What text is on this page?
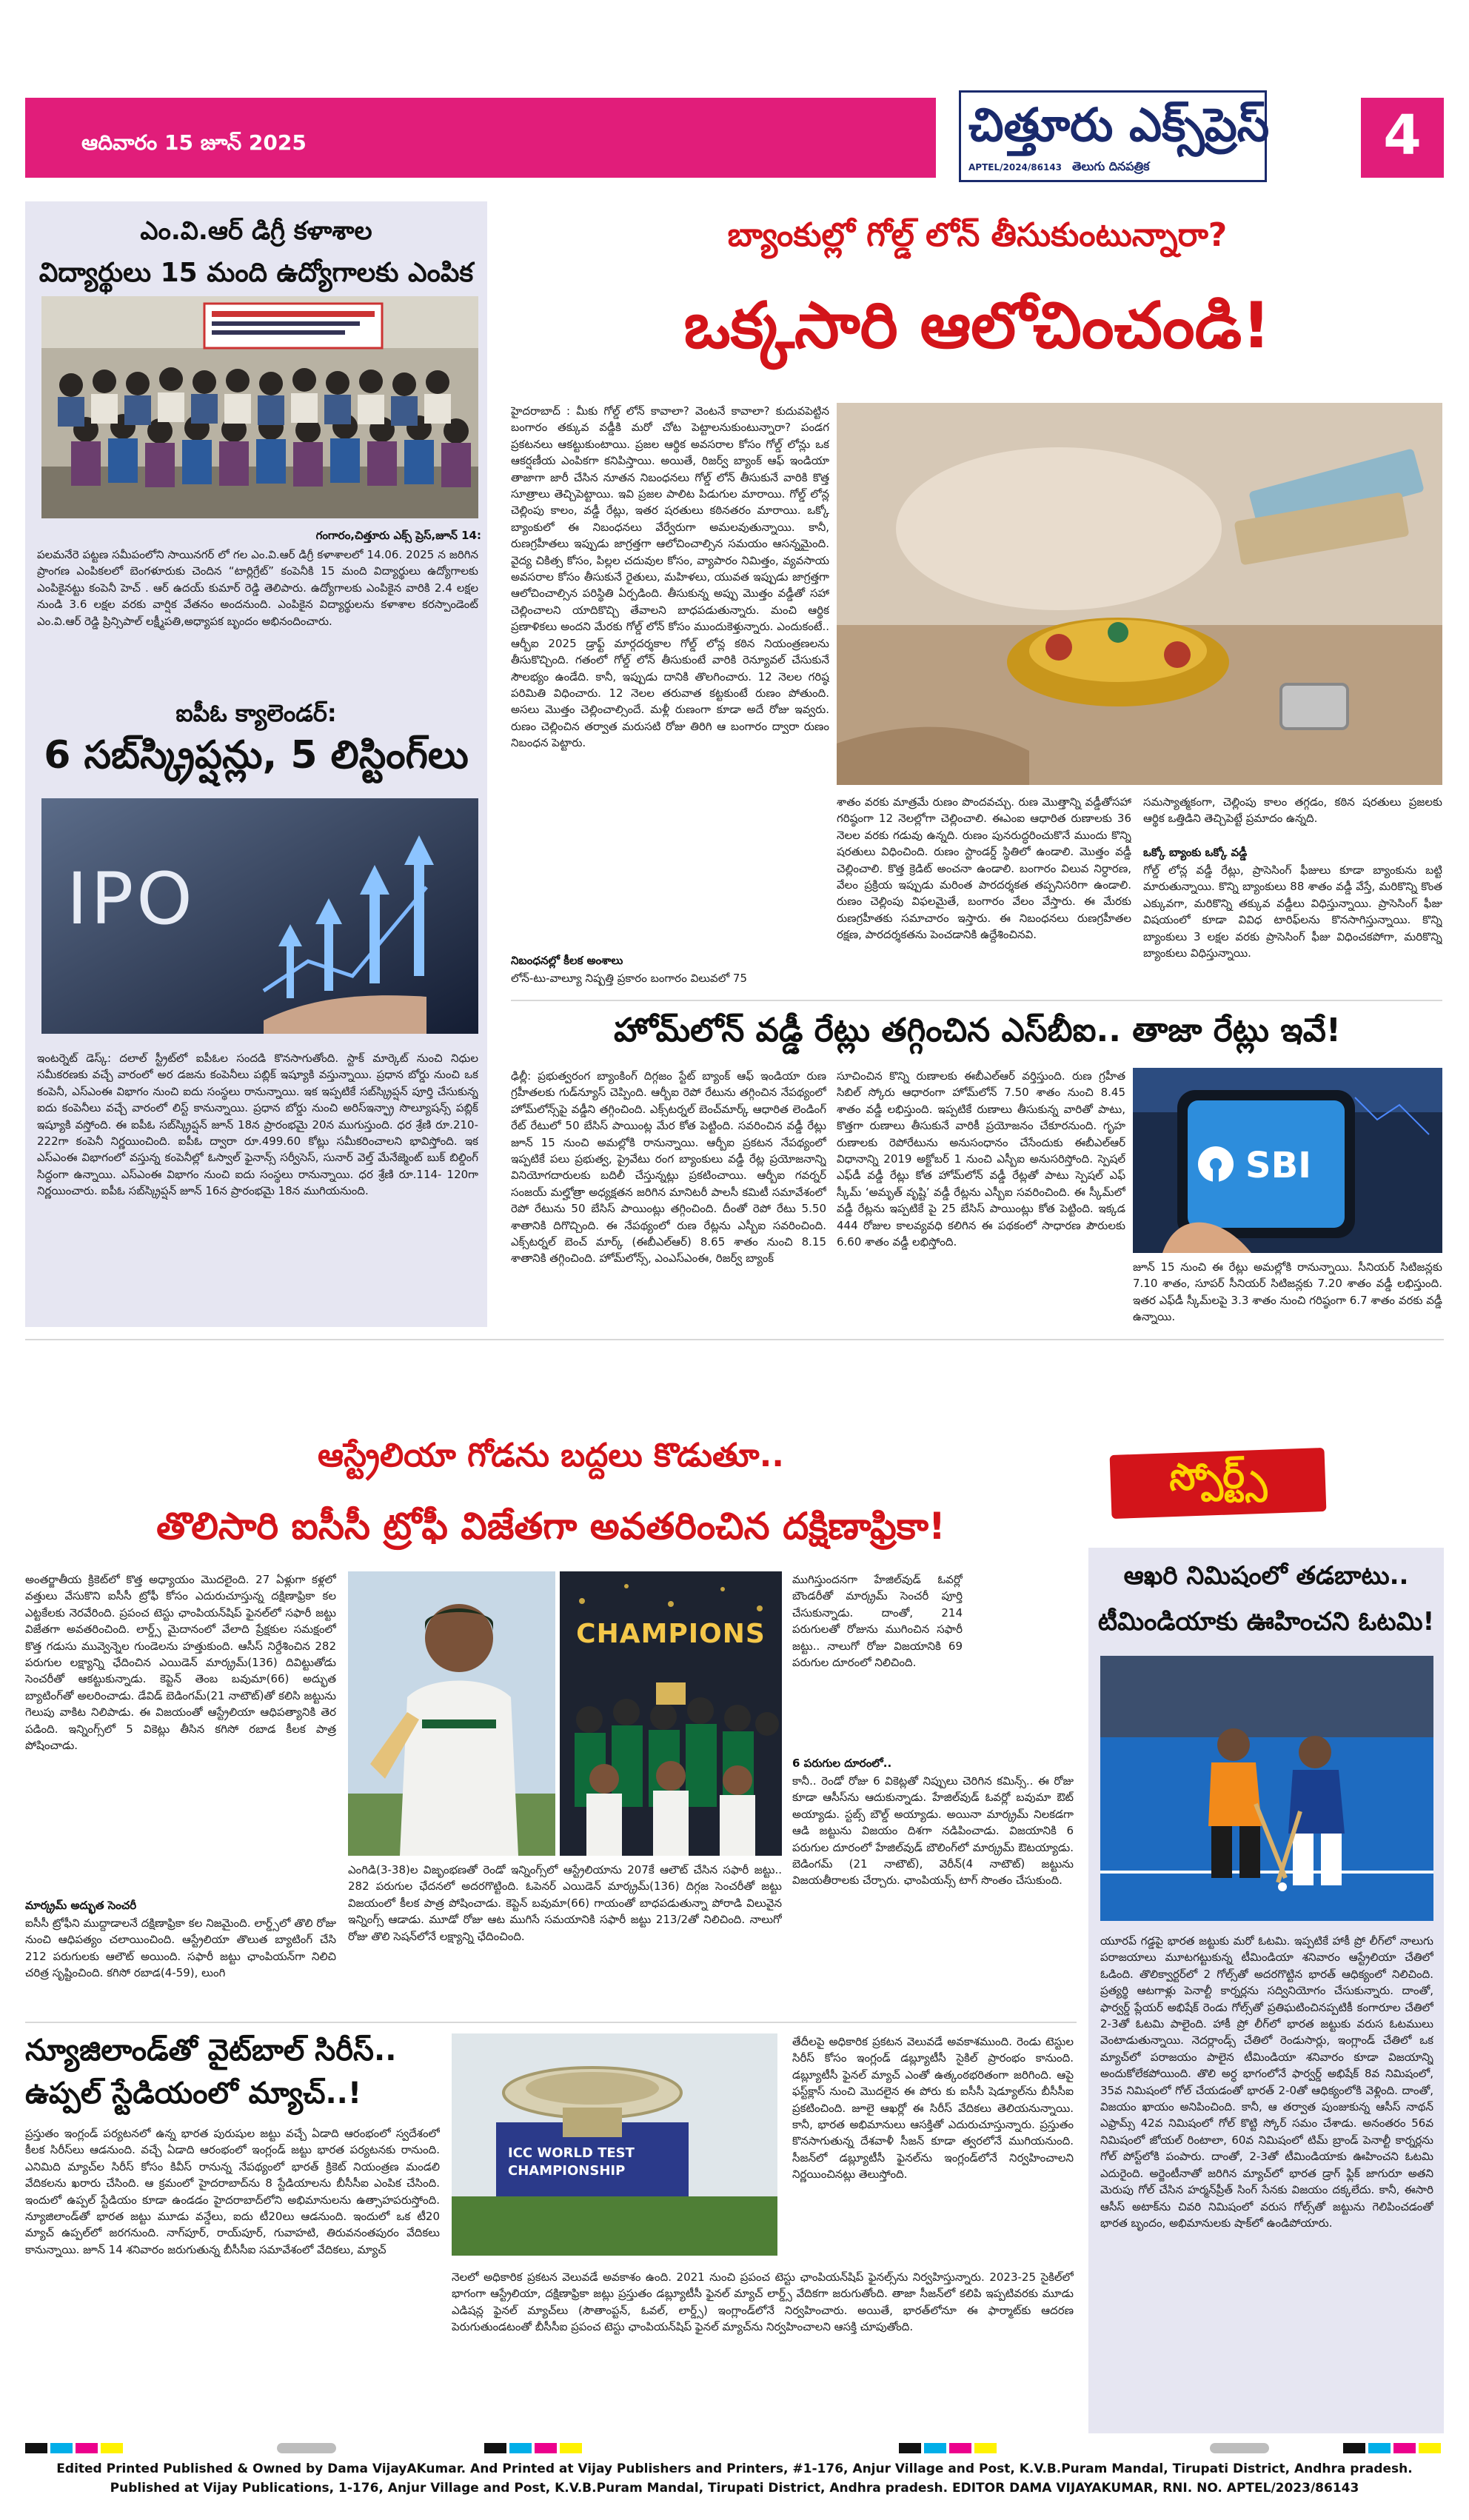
ఆదివారం 15 జూన్ 2025	చిత్తూరు ఎక్స్‌ప్రెస్
APTEL/2024/86143 తెలుగు దినపత్రిక	4
ఎం.వి.ఆర్ డిగ్రీ కళాశాల
విద్యార్థులు 15 మంది ఉద్యోగాలకు ఎంపిక
గంగారం,చిత్తూరు ఎక్స్ ప్రెస్,జూన్ 14:
పలమనేరె పట్టణ సమీపంలోని సాయినగర్ లో గల ఎం.వి.ఆర్ డిగ్రీ కళాశాలలో 14.06. 2025 న జరిగిన ప్రాంగణ ఎంపికలలో బెంగళూరుకు చెందిన “టార్లిగ్రేట్” కంపెనీకి 15 మంది విద్యార్థులు ఉద్యోగాలకు ఎంపికైనట్టు కంపెనీ హెచ్ . ఆర్ ఉదయ్ కుమార్ రెడ్డి తెలిపారు. ఉద్యోగాలకు ఎంపికైన వారికి 2.4 లక్షల నుండి 3.6 లక్షల వరకు వార్షిక వేతనం అందనుంది. ఎంపికైన విద్యార్థులను కళాశాల కరస్పాండెంట్ ఎం.వి.ఆర్ రెడ్డి ప్రిన్సిపాల్ లక్ష్మీపతి,అధ్యాపక బృందం అభినందించారు.
ఐపీఓ క్యాలెండర్:
6 సబ్‌స్క్రిప్షన్లు, 5 లిస్టింగ్‌లు
IPO
ఇంటర్నెట్ డెస్క్: దలాల్ స్ట్రీట్‌లో ఐపీఓల సందడి కొనసాగుతోంది. స్టాక్ మార్కెట్ నుంచి నిధుల సమీకరణకు వచ్చే వారంలో అర డజను కంపెనీలు పబ్లిక్ ఇష్యూకి వస్తున్నాయి. ప్రధాన బోర్డు నుంచి ఒక కంపెనీ, ఎస్ఎంఈ విభాగం నుంచి ఐదు సంస్థలు రానున్నాయి. ఇక ఇప్పటికే సబ్‌స్క్రిప్షన్ పూర్తి చేసుకున్న ఐదు కంపెనీలు వచ్చే వారంలో లిస్ట్ కానున్నాయి. ప్రధాన బోర్డు నుంచి అరిస్ఇన్ఫ్రా సొల్యూషన్స్ పబ్లిక్ ఇష్యూకి వస్తోంది. ఈ ఐపీఓ సబ్‌స్క్రిప్షన్ జూన్ 18న ప్రారంభమై 20న ముగుస్తుంది. ధర శ్రేణి రూ.210-222గా కంపెనీ నిర్ణయించింది. ఐపీఓ ద్వారా రూ.499.60 కోట్లు సమీకరించాలని భావిస్తోంది. ఇక ఎస్ఎంఈ విభాగంలో వస్తున్న కంపెనీల్లో ఓస్వాల్ ఫైనాన్స్ సర్వీసెస్, సునార్ వెల్త్ మేనేజ్మెంట్ బుక్ బిల్డింగ్ సిద్ధంగా ఉన్నాయి. ఎస్ఎంఈ విభాగం నుంచి ఐదు సంస్థలు రానున్నాయి. ధర శ్రేణి రూ.114- 120గా నిర్ణయించారు. ఐపీఓ సబ్‌స్క్రిప్షన్ జూన్ 16న ప్రారంభమై 18న ముగియనుంది.
బ్యాంకుల్లో గోల్డ్ లోన్ తీసుకుంటున్నారా?
ఒక్కసారి ఆలోచించండి!
హైదరాబాద్ : మీకు గోల్డ్ లోన్ కావాలా? వెంటనే కావాలా? కుదువపెట్టిన బంగారం తక్కువ వడ్డీకి మరో చోట పెట్టాలనుకుంటున్నారా? పండగ ప్రకటనలు ఆకట్టుకుంటాయి. ప్రజల ఆర్థిక అవసరాల కోసం గోల్డ్ లోన్లు ఒక ఆకర్షణీయ ఎంపికగా కనిపిస్తాయి. అయితే, రిజర్వ్ బ్యాంక్ ఆఫ్ ఇండియా తాజాగా జారీ చేసిన నూతన నిబంధనలు గోల్డ్ లోన్ తీసుకునే వారికి కొత్త సూత్రాలు తెచ్చిపెట్టాయి. ఇవి ప్రజల పాలిట పిడుగుల మారాయి. గోల్డ్ లోన్ల చెల్లింపు కాలం, వడ్డీ రేట్లు, ఇతర షరతులు కఠినతరం మారాయి. ఒక్కో బ్యాంకులో ఈ నిబంధనలు వేర్వేరుగా అమలవుతున్నాయి. కానీ, రుణగ్రహీతలు ఇప్పుడు జాగ్రత్తగా ఆలోచించాల్సిన సమయం ఆసన్నమైంది. వైద్య చికిత్స కోసం, పిల్లల చదువుల కోసం, వ్యాపారం నిమిత్తం, వ్యవసాయ అవసరాల కోసం తీసుకునే రైతులు, మహిళలు, యువత ఇప్పుడు జాగ్రత్తగా ఆలోచించాల్సిన పరిస్థితి ఏర్పడింది. తీసుకున్న అప్పు మొత్తం వడ్డీతో సహా చెల్లించాలని యాదికొచ్చి తేవాలని బాధపడుతున్నారు. మంచి ఆర్థిక ప్రణాళికలు అందని మేరకు గోల్డ్ లోన్ కోసం ముందుకెళ్తున్నారు. ఎందుకంటే.. ఆర్బీఐ 2025 డ్రాఫ్ట్ మార్గదర్శకాల గోల్డ్ లోన్ల కఠిన నియంత్రణలను తీసుకొచ్చింది. గతంలో గోల్డ్ లోన్ తీసుకుంటే వారికి రెన్యూవల్ చేసుకునే సౌలభ్యం ఉండేది. కానీ, ఇప్పుడు దానికి తొలగించారు. 12 నెలల గరిష్ఠ పరిమితి విధించారు. 12 నెలల తరువాత కట్టకుంటే రుణం పోతుంది. అసలు మొత్తం చెల్లించాల్సిందే. మళ్లీ రుణంగా కూడా అదే రోజు ఇవ్వరు. రుణం చెల్లించిన తర్వాత మరుసటి రోజు తిరిగి ఆ బంగారం ద్వారా రుణం నిబంధన పెట్టారు.
నిబంధనల్లో కీలక అంశాలు
లోన్-టు-వాల్యూ నిష్పత్తి ప్రకారం బంగారం విలువలో 75
శాతం వరకు మాత్రమే రుణం పొందవచ్చు. రుణ మొత్తాన్ని వడ్డీతోసహా గరిష్ఠంగా 12 నెలల్లోగా చెల్లించాలి. ఈఎంఐ ఆధారిత రుణాలకు 36 నెలల వరకు గడువు ఉన్నది. రుణం పునరుద్ధరించుకొనే ముందు కొన్ని షరతులు విధించింది. రుణం స్టాండర్డ్ స్థితిలో ఉండాలి. మొత్తం వడ్డీ చెల్లించాలి. కొత్త క్రెడిట్ అంచనా ఉండాలి. బంగారం విలువ నిర్ధారణ, వేలం ప్రక్రియ ఇప్పుడు మరింత పారదర్శకత తప్పనిసరిగా ఉండాలి. రుణం చెల్లింపు విఫలమైతే, బంగారం వేలం వేస్తారు. ఈ మేరకు రుణగ్రహీతకు సమాచారం ఇస్తారు. ఈ నిబంధనలు రుణగ్రహీతల రక్షణ, పారదర్శకతను పెంచడానికి ఉద్దేశించినవి.
సమస్యాత్మకంగా, చెల్లింపు కాలం తగ్గడం, కఠిన షరతులు ప్రజలకు ఆర్థిక ఒత్తిడిని తెచ్చిపెట్టే ప్రమాదం ఉన్నది.
ఒక్కో బ్యాంకు ఒక్కో వడ్డీ
గోల్డ్ లోన్ల వడ్డీ రేట్లు, ప్రాసెసింగ్ ఫీజులు కూడా బ్యాంకును బట్టి మారుతున్నాయి. కొన్ని బ్యాంకులు 88 శాతం వడ్డీ వేస్తే, మరికొన్ని కొంత ఎక్కువగా, మరికొన్ని తక్కువ వడ్డీలు విధిస్తున్నాయి. ప్రాసెసింగ్ ఫీజు విషయంలో కూడా వివిధ టారిఫ్‌లను కొనసాగిస్తున్నాయి. కొన్ని బ్యాంకులు 3 లక్షల వరకు ప్రాసెసింగ్ ఫీజు విధించకపోగా, మరికొన్ని బ్యాంకులు విధిస్తున్నాయి.
హోమ్‌లోన్ వడ్డీ రేట్లు తగ్గించిన ఎస్‌బీఐ.. తాజా రేట్లు ఇవే!
ఢిల్లీ: ప్రభుత్వరంగ బ్యాంకింగ్ దిగ్గజం స్టేట్ బ్యాంక్ ఆఫ్ ఇండియా రుణ గ్రహీతలకు గుడ్‌న్యూస్ చెప్పింది. ఆర్బీఐ రెపో రేటును తగ్గించిన నేపథ్యంలో హోమ్‌లోన్స్‌పై వడ్డీని తగ్గించింది. ఎక్స్‌టర్నల్ బెంచ్‌మార్క్ ఆధారిత లెండింగ్ రేట్ రేటులో 50 బేసిస్ పాయింట్ల మేర కోత పెట్టింది. సవరించిన వడ్డీ రేట్లు జూన్ 15 నుంచి అమల్లోకి రానున్నాయి. ఆర్బీఐ ప్రకటన నేపథ్యంలో ఇప్పటికే పలు ప్రభుత్వ, ప్రైవేటు రంగ బ్యాంకులు వడ్డీ రేట్ల ప్రయోజనాన్ని వినియోగదారులకు బదిలీ చేస్తున్నట్లు ప్రకటించాయి. ఆర్బీఐ గవర్నర్ సంజయ్ మల్హోత్రా అధ్యక్షతన జరిగిన మానిటరీ పాలసీ కమిటీ సమావేశంలో రెపో రేటును 50 బేసిస్ పాయింట్లు తగ్గించింది. దీంతో రెపో రేటు 5.50 శాతానికి దిగొచ్చింది. ఈ నేపథ్యంలో రుణ రేట్లను ఎస్బీఐ సవరించింది. ఎక్స్‌టర్నల్ బెంచ్ మార్క్ (ఈబీఎల్ఆర్) 8.65 శాతం నుంచి 8.15 శాతానికి తగ్గించింది. హోమ్‌లోన్స్, ఎంఎస్ఎంఈ, రిజర్వ్ బ్యాంక్
సూచించిన కొన్ని రుణాలకు ఈబీఎల్ఆర్ వర్తిస్తుంది. రుణ గ్రహీత సిబిల్ స్కోరు ఆధారంగా హోమ్‌లోన్ 7.50 శాతం నుంచి 8.45 శాతం వడ్డీ లభిస్తుంది. ఇప్పటికే రుణాలు తీసుకున్న వారితో పాటు, కొత్తగా రుణాలు తీసుకునే వారికీ ప్రయోజనం చేకూరనుంది. గృహ రుణాలకు రెపోరేటును అనుసంధానం చేసేందుకు ఈబీఎల్ఆర్ విధానాన్ని 2019 అక్టోబర్ 1 నుంచి ఎస్బీఐ అనుసరిస్తోంది. స్పెషల్ ఎఫ్‌డీ వడ్డీ రేట్లు కోత హోమ్‌లోన్ వడ్డీ రేట్లతో పాటు స్పెషల్ ఎఫ్ స్కీమ్ ‘అమృత్ వృష్టి’ వడ్డీ రేట్లను ఎస్బీఐ సవరించింది. ఈ స్కీమ్‌లో వడ్డీ రేట్లను ఇప్పటికే పై 25 బేసిస్ పాయింట్లు కోత పెట్టింది. ఇక్కడ 444 రోజుల కాలవ్యవధి కలిగిన ఈ పథకంలో సాధారణ పౌరులకు 6.60 శాతం వడ్డీ లభిస్తోంది.
SBI
జూన్ 15 నుంచి ఈ రేట్లు అమల్లోకి రానున్నాయి. సీనియర్ సిటిజన్లకు 7.10 శాతం, సూపర్ సీనియర్ సిటిజన్లకు 7.20 శాతం వడ్డీ లభిస్తుంది. ఇతర ఎఫ్‌డీ స్కీమ్‌లపై 3.3 శాతం నుంచి గరిష్ఠంగా 6.7 శాతం వరకు వడ్డీ ఉన్నాయి.
ఆస్ట్రేలియా గోడను బద్దలు కొడుతూ..
తొలిసారి ఐసీసీ ట్రోఫీ విజేతగా అవతరించిన దక్షిణాఫ్రికా!
స్పోర్ట్స్
అంతర్జాతీయ క్రికెట్‌లో కొత్త అధ్యాయం మొదలైంది. 27 ఏళ్లుగా కళ్లలో వత్తులు వేసుకొని ఐసీసీ ట్రోఫీ కోసం ఎదురుచూస్తున్న దక్షిణాఫ్రికా కల ఎట్టకేలకు నెరవేరింది. ప్రపంచ టెస్టు ఛాంపియన్‌షిప్ ఫైనల్‌లో సఫారీ జట్టు విజేతగా అవతరించింది. లార్డ్స్ మైదానంలో వేలాది ప్రేక్షకుల సమక్షంలో కొత్త గడుసు మువ్వెన్నెల గుండెలను హత్తుకుంది. ఆసీస్ నిర్దేశించిన 282 పరుగుల లక్ష్యాన్ని ఛేదించిన ఎయిడెన్ మార్క్రమ్(136) దివిట్టుతోడు సెంచరీతో ఆకట్టుకున్నాడు. కెప్టెన్ తెంబ బవుమా(66) అద్భుత బ్యాటింగ్‌తో అలరించాడు. డేవిడ్ బెడింగమ్(21 నాటౌట్)తో కలిసి జట్టును గెలుపు వాకిట నిలిపాడు. ఈ విజయంతో ఆస్ట్రేలియా ఆధిపత్యానికి తెర పడింది. ఇన్నింగ్స్‌లో 5 వికెట్లు తీసిన కగిసో రబాడ కీలక పాత్ర పోషించాడు.
మార్క్రమ్ అద్భుత సెంచరీ
ఐసీసీ ట్రోఫీని ముద్దాడాలనే దక్షిణాఫ్రికా కల నిజమైంది. లార్డ్స్‌లో తొలి రోజు నుంచి ఆధిపత్యం చలాయించింది. ఆస్ట్రేలియా తొలుత బ్యాటింగ్ చేసి 212 పరుగులకు ఆలౌట్ అయింది. సఫారీ జట్టు ఛాంపియన్‌గా నిలిచి చరిత్ర సృష్టించింది. కగిసో రబాడ(4-59), లుంగి
CHAMPIONS
ఎంగిడి(3-38)ల విజృంభణతో రెండో ఇన్నింగ్స్‌లో ఆస్ట్రేలియాను 207కే ఆలౌట్ చేసిన సఫారీ జట్టు.. 282 పరుగుల ఛేదనలో అదరగొట్టింది. ఓపెనర్ ఎయిడెన్ మార్క్రమ్(136) దిగ్గజ సెంచరీతో జట్టు విజయంలో కీలక పాత్ర పోషించాడు. కెప్టెన్ బవుమా(66) గాయంతో బాధపడుతున్నా పోరాడి విలువైన ఇన్నింగ్స్ ఆడాడు. మూడో రోజు ఆట ముగిసే సమయానికి సఫారీ జట్టు 213/2తో నిలిచింది. నాలుగో రోజు తొలి సెషన్‌లోనే లక్ష్యాన్ని ఛేదించింది.
ముగిస్తుందనగా హేజిల్‌వుడ్ ఓవర్లో బౌండరీతో మార్క్రమ్ సెంచరీ పూర్తి చేసుకున్నాడు. దాంతో, 214 పరుగులతో రోజును ముగించిన సఫారీ జట్టు.. నాలుగో రోజు విజయానికి 69 పరుగుల దూరంలో నిలిచింది.
6 పరుగుల దూరంలో..
కానీ.. రెండో రోజు 6 వికెట్లతో నిప్పులు చెరిగిన కమిన్స్.. ఈ రోజు కూడా ఆసీస్‌ను ఆదుకున్నాడు. హేజిల్‌వుడ్ ఓవర్లో బవుమా ఔట్ అయ్యాడు. స్టబ్స్ బౌల్డ్ అయ్యాడు. అయినా మార్క్రమ్ నిలకడగా ఆడి జట్టును విజయం దిశగా నడిపించాడు. విజయానికి 6 పరుగుల దూరంలో హేజిల్‌వుడ్ బౌలింగ్‌లో మార్క్రమ్ ఔటయ్యాడు. బెడింగమ్ (21 నాటౌట్), వెరీన్(4 నాటౌట్) జట్టును విజయతీరాలకు చేర్చారు. ఛాంపియన్స్ టాగ్ సొంతం చేసుకుంది.
ఆఖరి నిమిషంలో తడబాటు..
టీమిండియాకు ఊహించని ఓటమి!
యూరప్ గడ్డపై భారత జట్టుకు మరో ఓటమి. ఇప్పటికే హాకీ ప్రో లీగ్‌లో నాలుగు పరాజయాలు మూటగట్టుకున్న టీమిండియా శనివారం ఆస్ట్రేలియా చేతిలో ఓడింది. తొలిక్వార్టర్‌లో 2 గోల్స్‌తో అదరగొట్టిన భారత్ ఆధిక్యంలో నిలిచింది. ప్రత్యర్థి ఆటగాళ్లు పెనాల్టీ కార్నర్లను సద్వినియోగం చేసుకున్నారు. దాంతో, ఫార్వర్డ్ ప్లేయర్ అభిషేక్ రెండు గోల్స్‌తో ప్రతిఘటించినప్పటికీ కంగారూల చేతిలో 2-3తో ఓటమి పాలైంది. హాకీ ప్రో లీగ్‌లో భారత జట్టుకు వరుస ఓటములు వెంటాడుతున్నాయి. నెదర్లాండ్స్ చేతిలో రెండుసార్లు, ఇంగ్లాండ్ చేతిలో ఒక మ్యాచ్‌లో పరాజయం పాలైన టీమిండియా శనివారం కూడా విజయాన్ని అందుకోలేకపోయింది. తొలి అర్ధ భాగంలోనే ఫార్వర్డ్ అభిషేక్ 8వ నిమిషంలో, 35వ నిమిషంలో గోల్ చేయడంతో భారత్ 2-0తో ఆధిక్యంలోకి వెళ్లింది. దాంతో, విజయం ఖాయం అనిపించింది. కానీ, ఆ తర్వాత పుంజుకున్న ఆసీస్ నాథన్ ఎఫ్రామ్స్ 42వ నిమిషంలో గోల్ కొట్టి స్కోర్ సమం చేశాడు. అనంతరం 56వ నిమిషంలో జోయల్ రింటాలా, 60వ నిమిషంలో టిమ్ బ్రాండ్ పెనాల్టీ కార్నర్లను గోల్ పోస్ట్‌లోకి పంపారు. దాంతో, 2-3తో టీమిండియాకు ఊహించని ఓటమి ఎదురైంది. అర్జెంటీనాతో జరిగిన మ్యాచ్‌లో భారత డ్రాగ్ ఫ్లిక్ జాగురూ అతని మెరుపు గోల్ చేసిన హర్మన్‌ప్రీత్ సింగ్ సేనకు విజయం దక్కలేదు. కానీ, ఈసారి ఆసీస్ అటాక్‌ను చివరి నిమిషంలో వరుస గోల్స్‌తో జట్టును గెలిపించడంతో భారత బృందం, అభిమానులకు షాక్‌లో ఉండిపోయారు.
న్యూజిలాండ్‌తో వైట్‌బాల్ సిరీస్..
ఉప్పల్ స్టేడియంలో మ్యాచ్..!
ప్రస్తుతం ఇంగ్లండ్ పర్యటనలో ఉన్న భారత పురుషుల జట్టు వచ్చే ఏడాది ఆరంభంలో స్వదేశంలో కీలక సిరీస్‌లు ఆడనుంది. వచ్చే ఏడాది ఆరంభంలో ఇంగ్లండ్ జట్టు భారత పర్యటనకు రానుంది. ఎనిమిది మ్యాచ్‌ల సిరీస్ కోసం కివీస్ రానున్న నేపథ్యంలో భారత్ క్రికెట్ నియంత్రణ మండలి వేదికలను ఖరారు చేసింది. ఆ క్రమంలో హైదరాబాద్‌ను 8 స్టేడియాలను బీసీసీఐ ఎంపిక చేసింది. ఇందులో ఉప్పల్ స్టేడియం కూడా ఉండడం హైదరాబాద్‌లోని అభిమానులను ఉత్సాహపరుస్తోంది. న్యూజిలాండ్‌తో భారత జట్టు మూడు వన్డేలు, ఐదు టీ20లు ఆడనుంది. ఇందులో ఒక టీ20 మ్యాచ్ ఉప్పల్‌లో జరగనుంది. నాగ్‌పూర్, రాయ్‌పూర్, గువాహటి, తిరువనంతపురం వేదికలు కానున్నాయి. జూన్ 14 శనివారం జరుగుతున్న బీసీసీఐ సమావేశంలో వేదికలు, మ్యాచ్
ICC WORLD TEST CHAMPIONSHIP
తేదీలపై అధికారిక ప్రకటన వెలువడే అవకాశముంది. రెండు టెస్టుల సిరీస్ కోసం ఇంగ్లండ్ డబ్ల్యూటీసీ సైకిల్ ప్రారంభం కానుంది. డబ్ల్యూటీసీ ఫైనల్ మ్యాచ్ ఎంతో ఉత్కంఠభరితంగా జరిగింది. ఆపై ఫస్ట్‌క్లాస్ నుంచి మొదలైన ఈ పోరు కు ఐసీసీ షెడ్యూల్‌ను బీసీసీఐ ప్రకటించింది. జూలై ఆఖర్లో ఈ సిరీస్ వేదికలు తెలియనున్నాయి. కానీ, భారత అభిమానులు ఆసక్తితో ఎదురుచూస్తున్నారు. ప్రస్తుతం కొనసాగుతున్న దేశవాళీ సీజన్ కూడా త్వరలోనే ముగియనుంది. సీజన్‌లో డబ్ల్యూటీసీ ఫైనల్‌ను ఇంగ్లండ్‌లోనే నిర్వహించాలని నిర్ణయించినట్లు తెలుస్తోంది.
నెలలో అధికారిక ప్రకటన వెలువడే అవకాశం ఉంది. 2021 నుంచి ప్రపంచ టెస్టు ఛాంపియన్‌షిప్ ఫైనల్స్‌ను నిర్వహిస్తున్నారు. 2023-25 సైకిల్‌లో భాగంగా ఆస్ట్రేలియా, దక్షిణాఫ్రికా జట్లు ప్రస్తుతం డబ్ల్యూటీసీ ఫైనల్ మ్యాచ్ లార్డ్స్ వేదికగా జరుగుతోంది. తాజా సీజన్‌లో కలిపి ఇప్పటివరకు మూడు ఎడిషన్ల ఫైనల్ మ్యాచ్‌లు (సౌతాంప్టన్, ఓవల్, లార్డ్స్) ఇంగ్లాండ్‌లోనే నిర్వహించారు. అయితే, భారత్‌లోనూ ఈ ఫార్మాట్‌కు ఆదరణ పెరుగుతుండటంతో బీసీసీఐ ప్రపంచ టెస్టు ఛాంపియన్‌షిప్ ఫైనల్ మ్యాచ్‌ను నిర్వహించాలని ఆసక్తి చూపుతోంది.
Edited Printed Published & Owned by Dama VijayAKumar. And Printed at Vijay Publishers and Printers, #1-176, Anjur Village and Post, K.V.B.Puram Mandal, Tirupati District, Andhra pradesh.
Published at Vijay Publications, 1-176, Anjur Village and Post, K.V.B.Puram Mandal, Tirupati District, Andhra pradesh. EDITOR DAMA VIJAYAKUMAR, RNI. NO. APTEL/2023/86143
